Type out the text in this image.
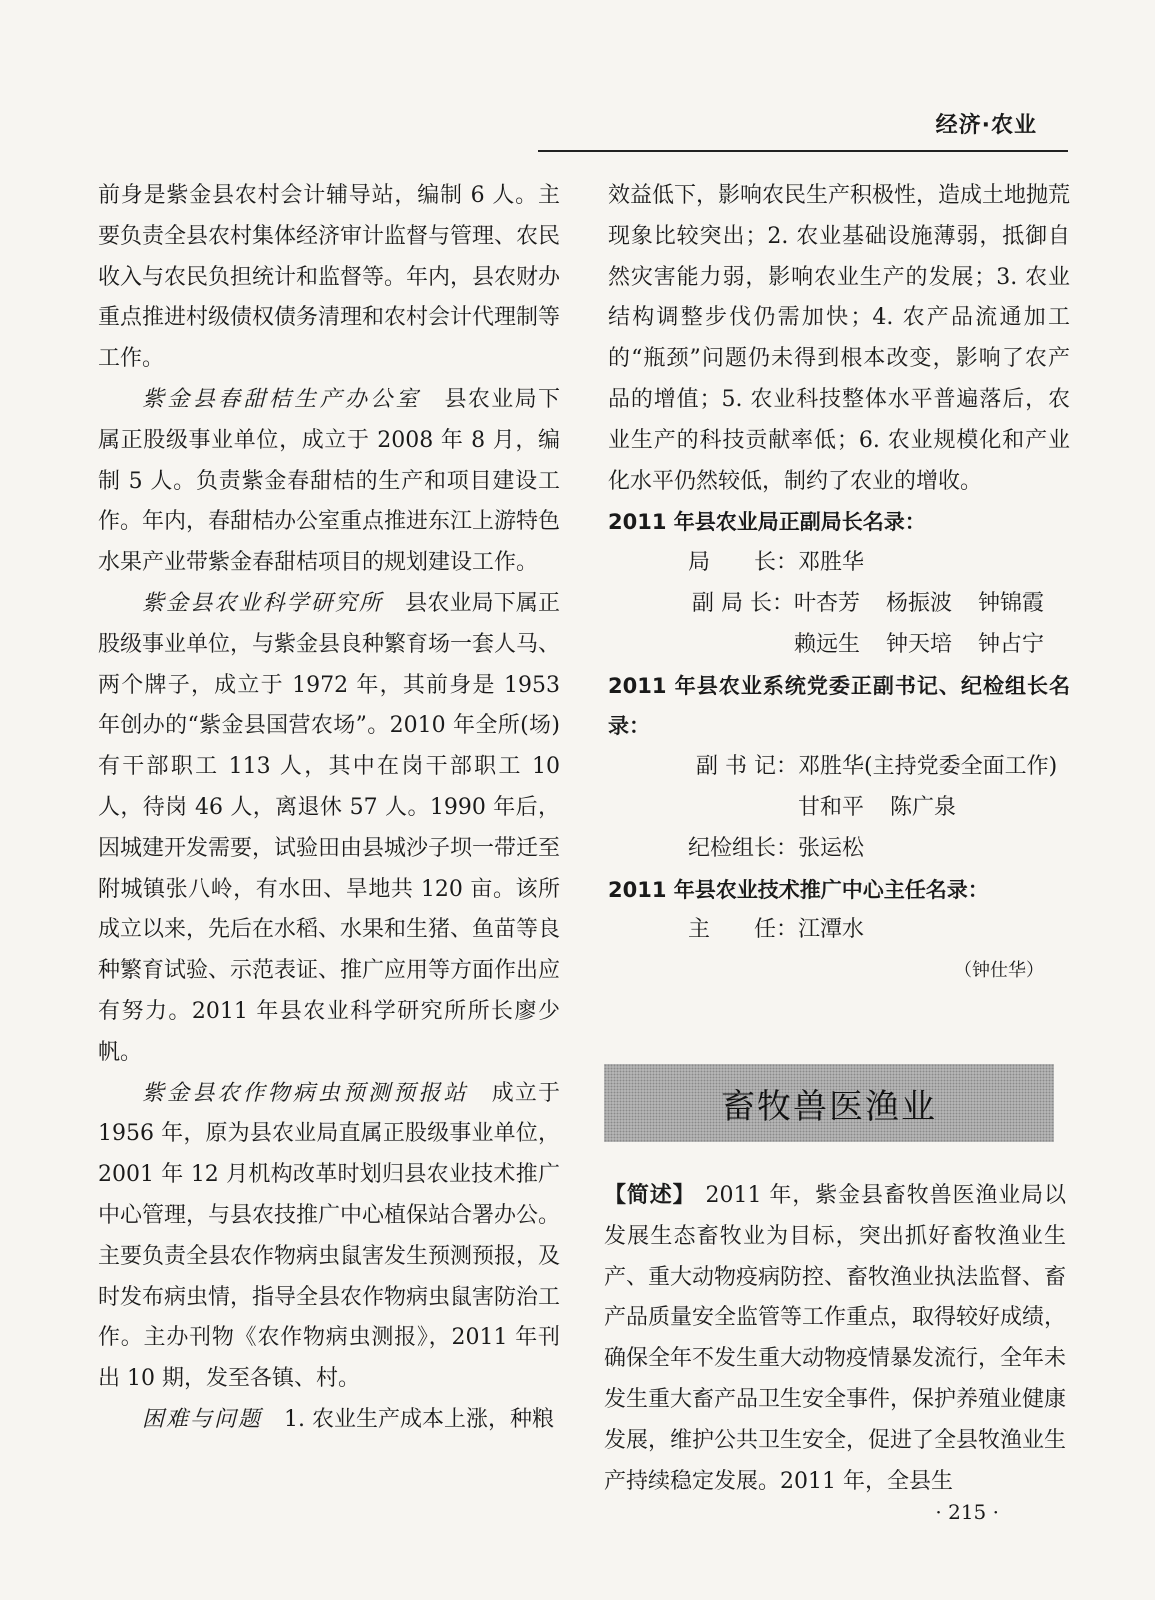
经济·农业

前身是紫金县农村会计辅导站，编制 6 人。主要负责全县农村集体经济审计监督与管理、农民收入与农民负担统计和监督等。年内，县农财办重点推进村级债权债务清理和农村会计代理制等工作。

紫金县春甜桔生产办公室　 县农业局下属正股级事业单位，成立于 2008 年 8 月，编制 5 人。负责紫金春甜桔的生产和项目建设工作。年内，春甜桔办公室重点推进东江上游特色水果产业带紫金春甜桔项目的规划建设工作。

紫金县农业科学研究所　 县农业局下属正股级事业单位，与紫金县良种繁育场一套人马、两个牌子，成立于 1972 年，其前身是 1953 年创办的“紫金县国营农场”。2010 年全所(场)有干部职工 113 人，其中在岗干部职工 10 人，待岗 46 人，离退休 57 人。1990 年后，因城建开发需要，试验田由县城沙子坝一带迁至附城镇张八岭，有水田、旱地共 120 亩。该所成立以来，先后在水稻、水果和生猪、鱼苗等良种繁育试验、示范表证、推广应用等方面作出应有努力。2011 年县农业科学研究所所长廖少帆。

紫金县农作物病虫预测预报站　 成立于 1956 年，原为县农业局直属正股级事业单位，2001 年 12 月机构改革时划归县农业技术推广中心管理，与县农技推广中心植保站合署办公。主要负责全县农作物病虫鼠害发生预测预报，及时发布病虫情，指导全县农作物病虫鼠害防治工作。主办刊物《农作物病虫测报》，2011 年刊出 10 期，发至各镇、村。

困难与问题　 1. 农业生产成本上涨，种粮

效益低下，影响农民生产积极性，造成土地抛荒现象比较突出；2. 农业基础设施薄弱，抵御自然灾害能力弱，影响农业生产的发展；3. 农业结构调整步伐仍需加快；4. 农产品流通加工的“瓶颈”问题仍未得到根本改变，影响了农产品的增值；5. 农业科技整体水平普遍落后，农业生产的科技贡献率低；6. 农业规模化和产业化水平仍然较低，制约了农业的增收。

2011 年县农业局正副局长名录：

局　　长： 邓胜华
副 局 长： 叶杏芳 杨振波 钟锦霞
赖远生 钟天培 钟占宁

2011 年县农业系统党委正副书记、纪检组长名录：

副 书 记： 邓胜华(主持党委全面工作)
甘和平 陈广泉
纪检组长： 张运松

2011 年县农业技术推广中心主任名录：

主　　任： 江潭水

（钟仕华）

畜牧兽医渔业
【简述】 2011 年，紫金县畜牧兽医渔业局以发展生态畜牧业为目标，突出抓好畜牧渔业生产、重大动物疫病防控、畜牧渔业执法监督、畜产品质量安全监管等工作重点，取得较好成绩，确保全年不发生重大动物疫情暴发流行，全年未发生重大畜产品卫生安全事件，保护养殖业健康发展，维护公共卫生安全，促进了全县牧渔业生产持续稳定发展。2011 年，全县生
· 215 ·
